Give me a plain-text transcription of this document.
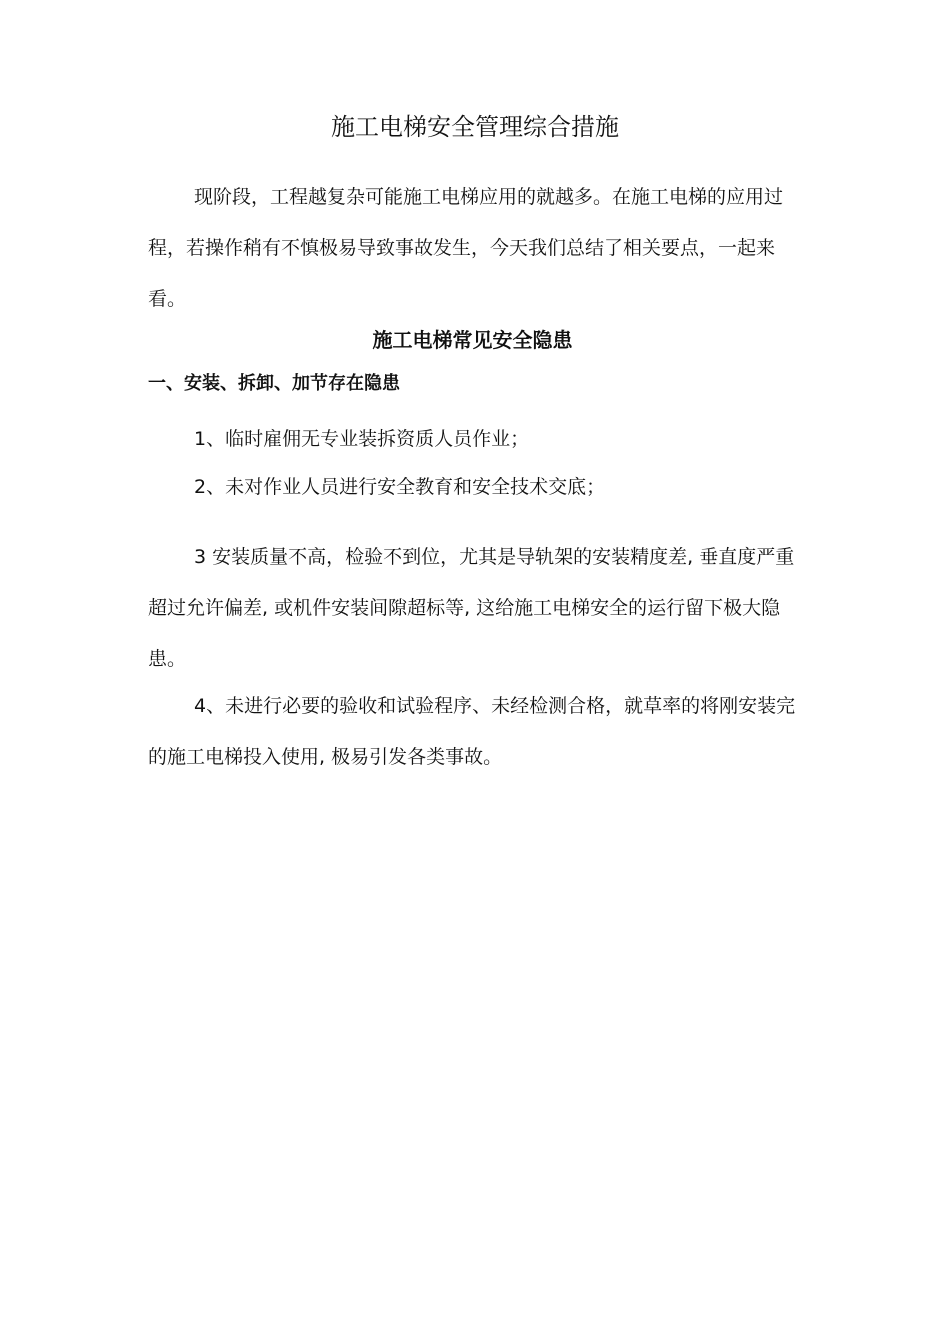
施工电梯安全管理综合措施

现阶段，工程越复杂可能施工电梯应用的就越多。在施工电梯的应用过程，若操作稍有不慎极易导致事故发生，今天我们总结了相关要点，一起来看。

施工电梯常见安全隐患
一、安装、拆卸、加节存在隐患

1、临时雇佣无专业装拆资质人员作业；

2、未对作业人员进行安全教育和安全技术交底；

3 安装质量不高，检验不到位，尤其是导轨架的安装精度差, 垂直度严重超过允许偏差, 或机件安装间隙超标等, 这给施工电梯安全的运行留下极大隐患。

4、未进行必要的验收和试验程序、未经检测合格，就草率的将刚安装完的施工电梯投入使用, 极易引发各类事故。
